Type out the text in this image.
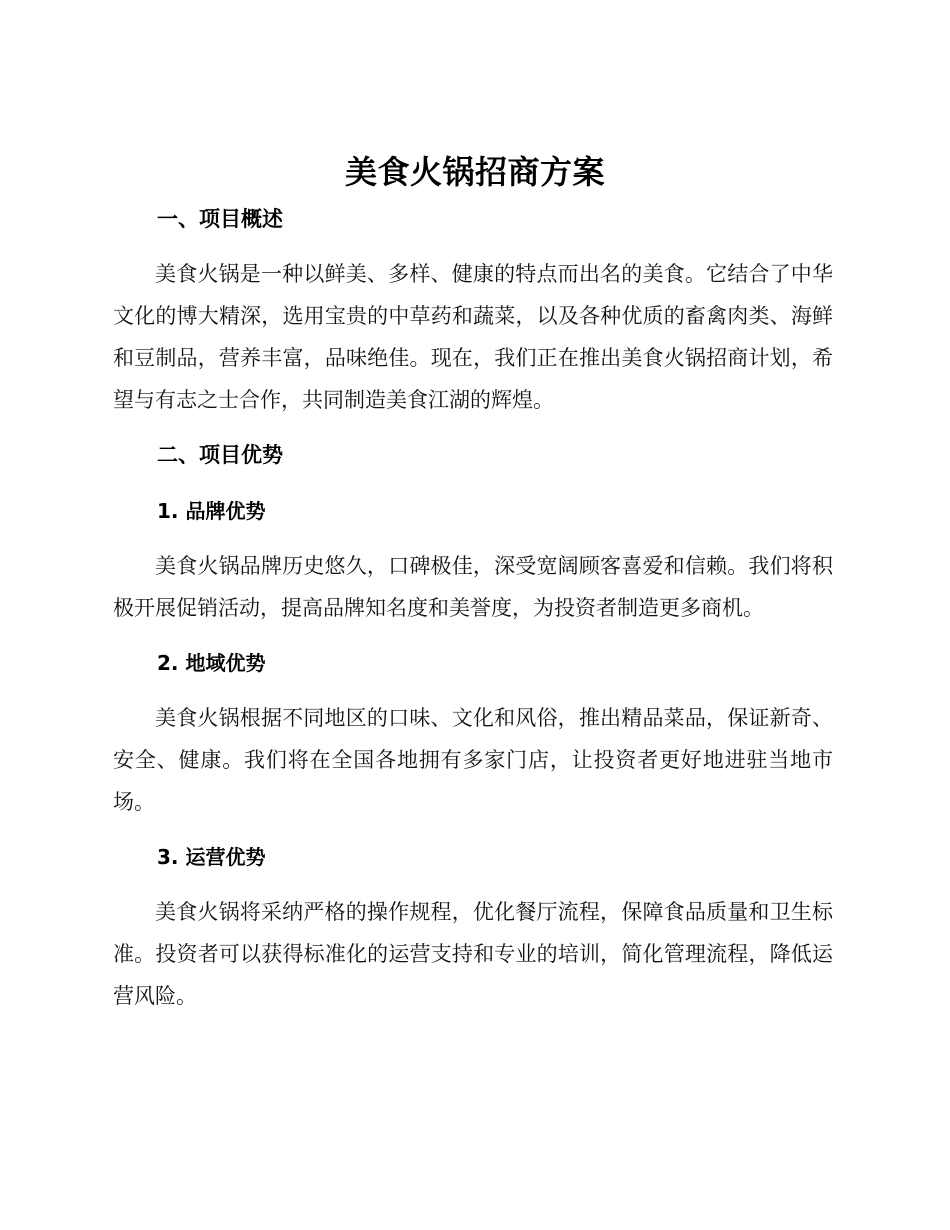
美食火锅招商方案
一、项目概述
美食火锅是一种以鲜美、多样、健康的特点而出名的美食。它结合了中华文化的博大精深，选用宝贵的中草药和蔬菜，以及各种优质的畜禽肉类、海鲜和豆制品，营养丰富，品味绝佳。现在，我们正在推出美食火锅招商计划，希望与有志之士合作，共同制造美食江湖的辉煌。
二、项目优势
1. 品牌优势
美食火锅品牌历史悠久，口碑极佳，深受宽阔顾客喜爱和信赖。我们将积极开展促销活动，提高品牌知名度和美誉度，为投资者制造更多商机。
2. 地域优势
美食火锅根据不同地区的口味、文化和风俗，推出精品菜品，保证新奇、安全、健康。我们将在全国各地拥有多家门店，让投资者更好地进驻当地市场。
3. 运营优势
美食火锅将采纳严格的操作规程，优化餐厅流程，保障食品质量和卫生标准。投资者可以获得标准化的运营支持和专业的培训，简化管理流程，降低运营风险。
